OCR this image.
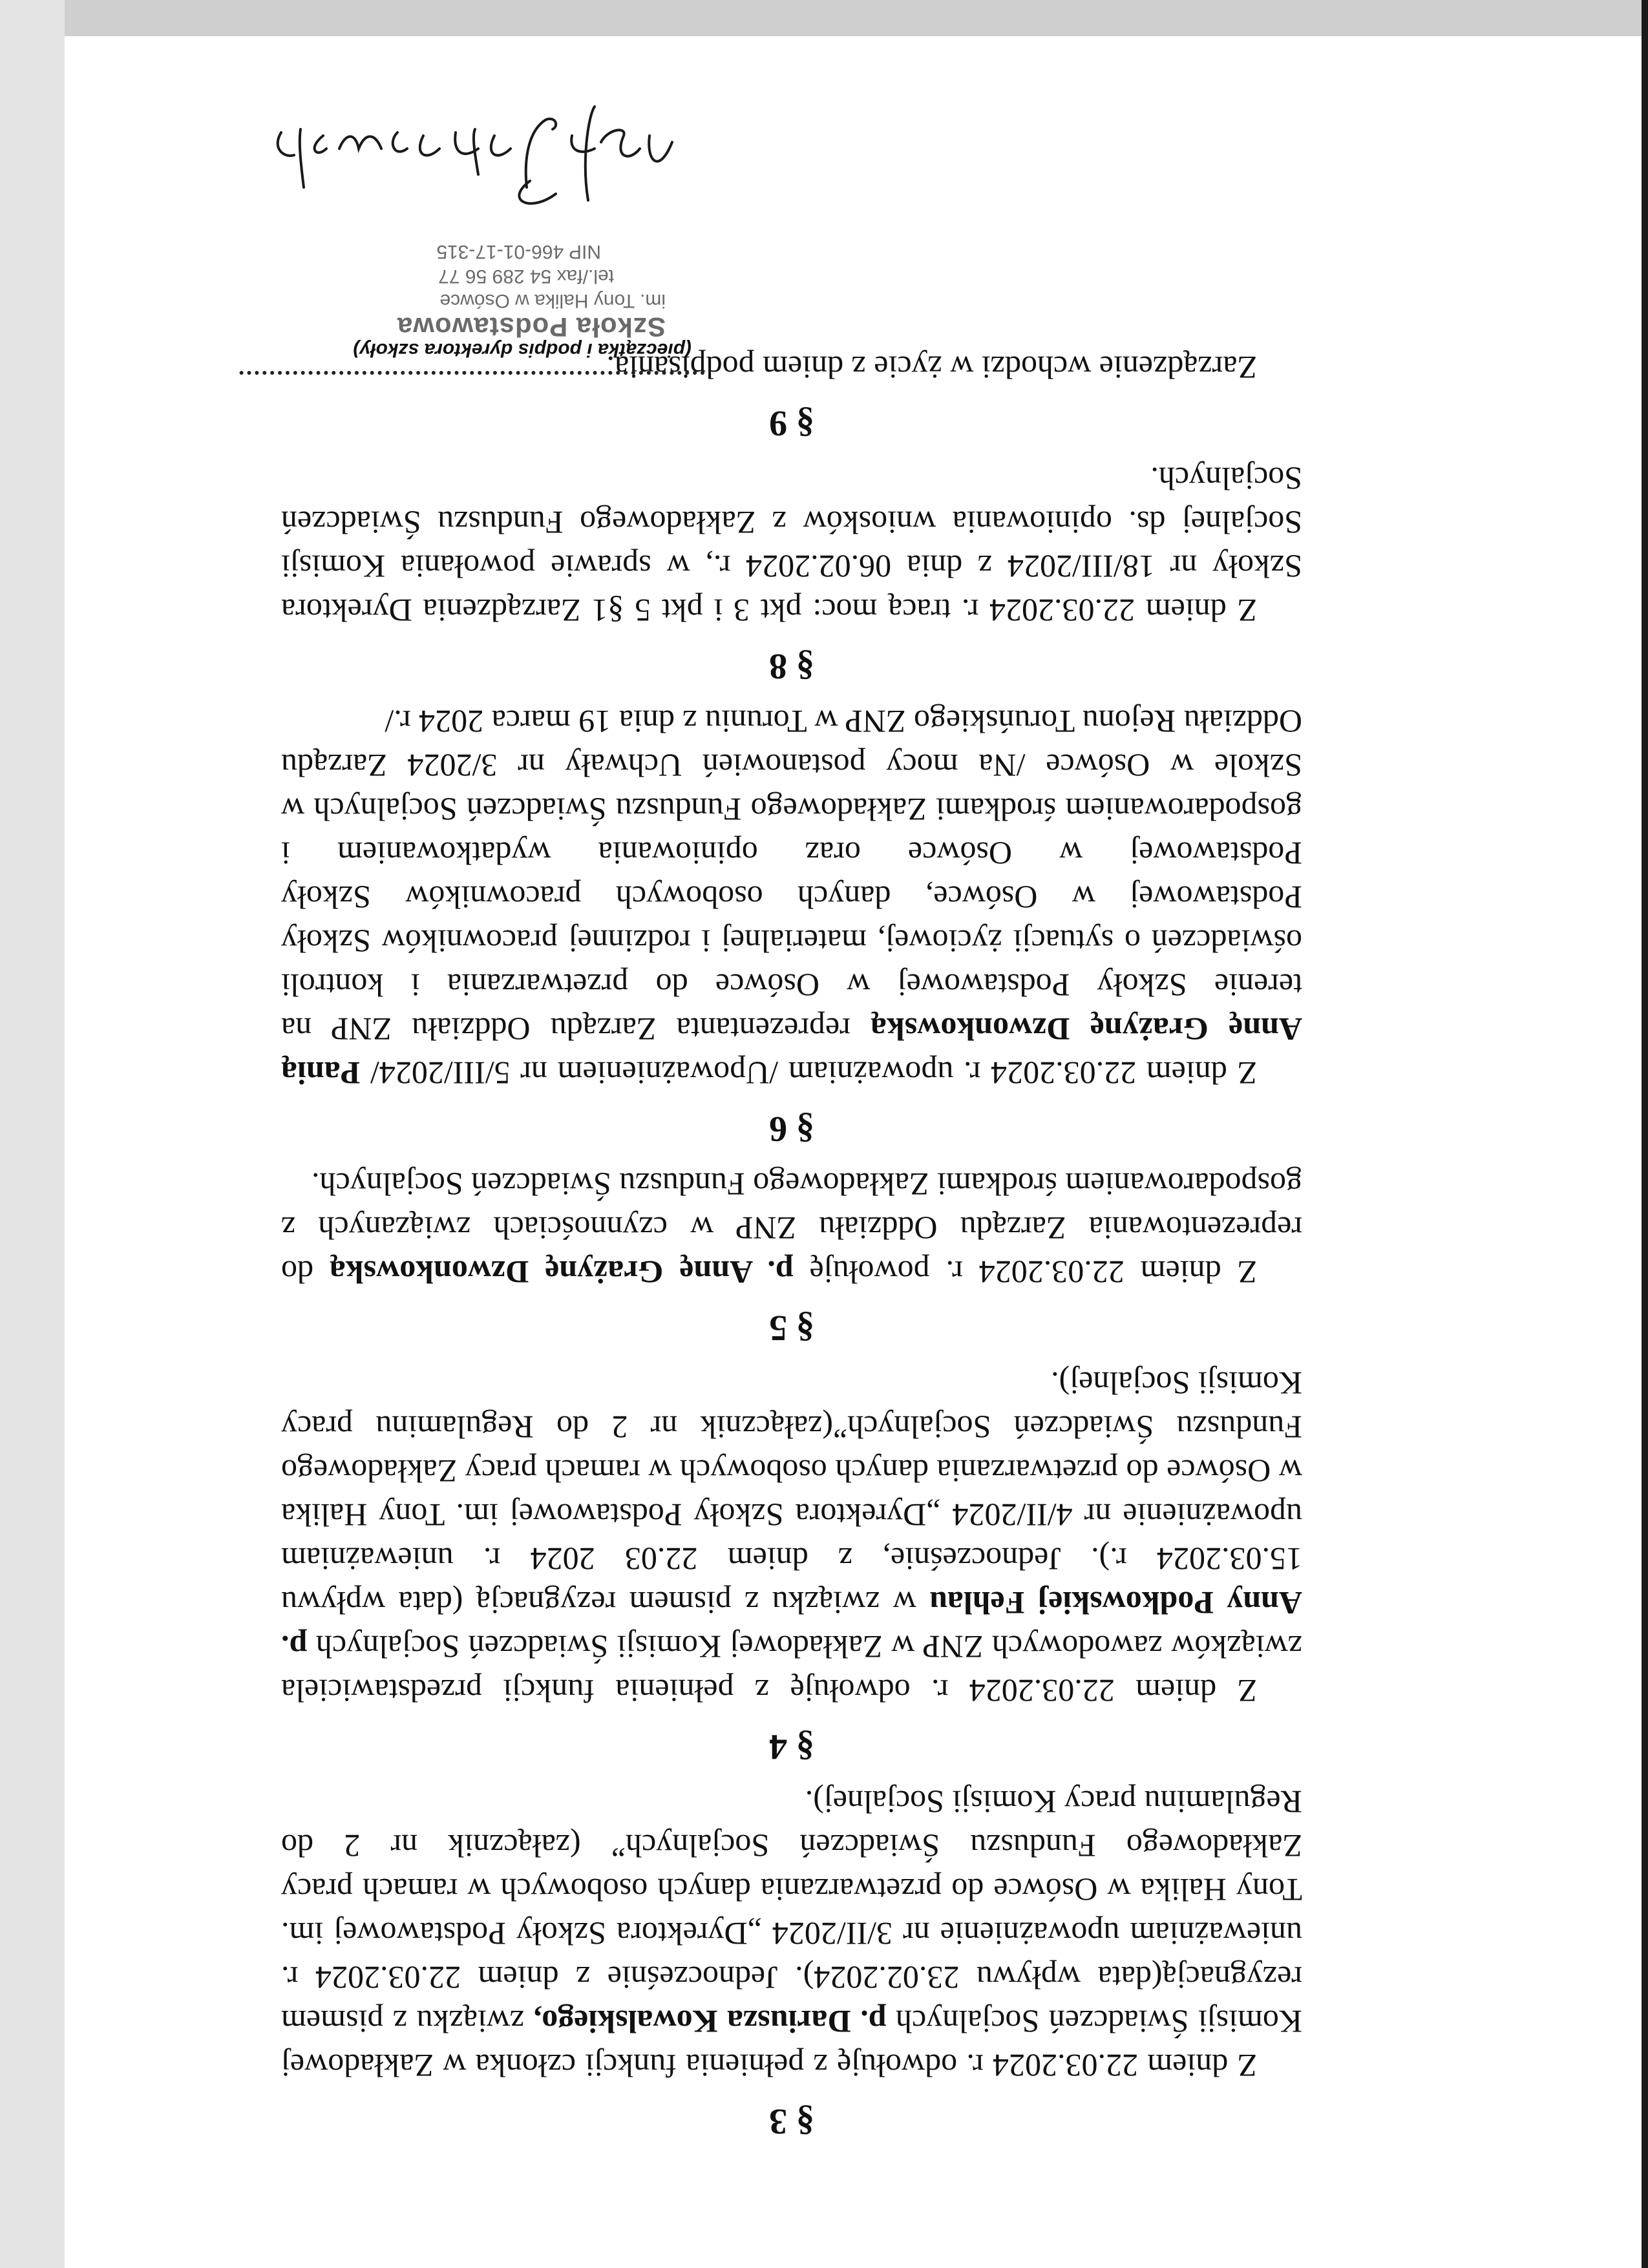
§ 3

Z dniem 22.03.2024 r. odwołuję z pełnienia funkcji członka w Zakładowej Komisji Świadczeń Socjalnych p. Dariusza Kowalskiego, związku z pismem rezygnacją(data wpływu 23.02.2024). Jednocześnie z dniem 22.03.2024 r. unieważniam upoważnienie nr 3/II/2024 „Dyrektora Szkoły Podstawowej im. Tony Halika w Osówce do przetwarzania danych osobowych w ramach pracy Zakładowego Funduszu Świadczeń Socjalnych” (załącznik nr 2 do Regulaminu pracy Komisji Socjalnej).

§ 4

Z dniem 22.03.2024 r. odwołuję z pełnienia funkcji przedstawiciela związków zawodowych ZNP w Zakładowej Komisji Świadczeń Socjalnych p. Anny Podkowskiej Fehlau w związku z pismem rezygnacją (data wpływu 15.03.2024 r.). Jednocześnie, z dniem 22.03 2024 r. unieważniam upoważnienie nr 4/II/2024 „Dyrektora Szkoły Podstawowej im. Tony Halika w Osówce do przetwarzania danych osobowych w ramach pracy Zakładowego Funduszu Świadczeń Socjalnych”(załącznik nr 2 do Regulaminu pracy Komisji Socjalnej).

§ 5

Z dniem 22.03.2024 r. powołuję p. Annę Grażynę Dzwonkowską do reprezentowania Zarządu Oddziału ZNP w czynnościach związanych z gospodarowaniem środkami Zakładowego Funduszu Świadczeń Socjalnych.

§ 6

Z dniem 22.03.2024 r. upoważniam /Upoważnieniem nr 5/III/2024/ Panią Annę Grażynę Dzwonkowską reprezentanta Zarządu Oddziału ZNP na terenie Szkoły Podstawowej w Osówce do przetwarzania i kontroli oświadczeń o sytuacji życiowej, materialnej i rodzinnej pracowników Szkoły Podstawowej w Osówce, danych osobowych pracowników Szkoły Podstawowej w Osówce oraz opiniowania wydatkowaniem i gospodarowaniem środkami Zakładowego Funduszu Świadczeń Socjalnych w Szkole w Osówce /Na mocy postanowień Uchwały nr 3/2024 Zarządu Oddziału Rejonu Toruńskiego ZNP w Toruniu z dnia 19 marca 2024 r./

§ 8

Z dniem 22.03.2024 r. tracą moc: pkt 3 i pkt 5 §1 Zarządzenia Dyrektora Szkoły nr 18/III/2024 z dnia 06.02.2024 r., w sprawie powołania Komisji Socjalnej ds. opiniowania wniosków z Zakładowego Funduszu Świadczeń Socjalnych.

§ 9

Zarządzenie wchodzi w życie z dniem podpisania.

(pieczątka i podpis dyrektora szkoły)
Szkoła Podstawowa
im. Tony Halika w Osówce
tel./fax 54 289 56 77
NIP 466-01-17-315
